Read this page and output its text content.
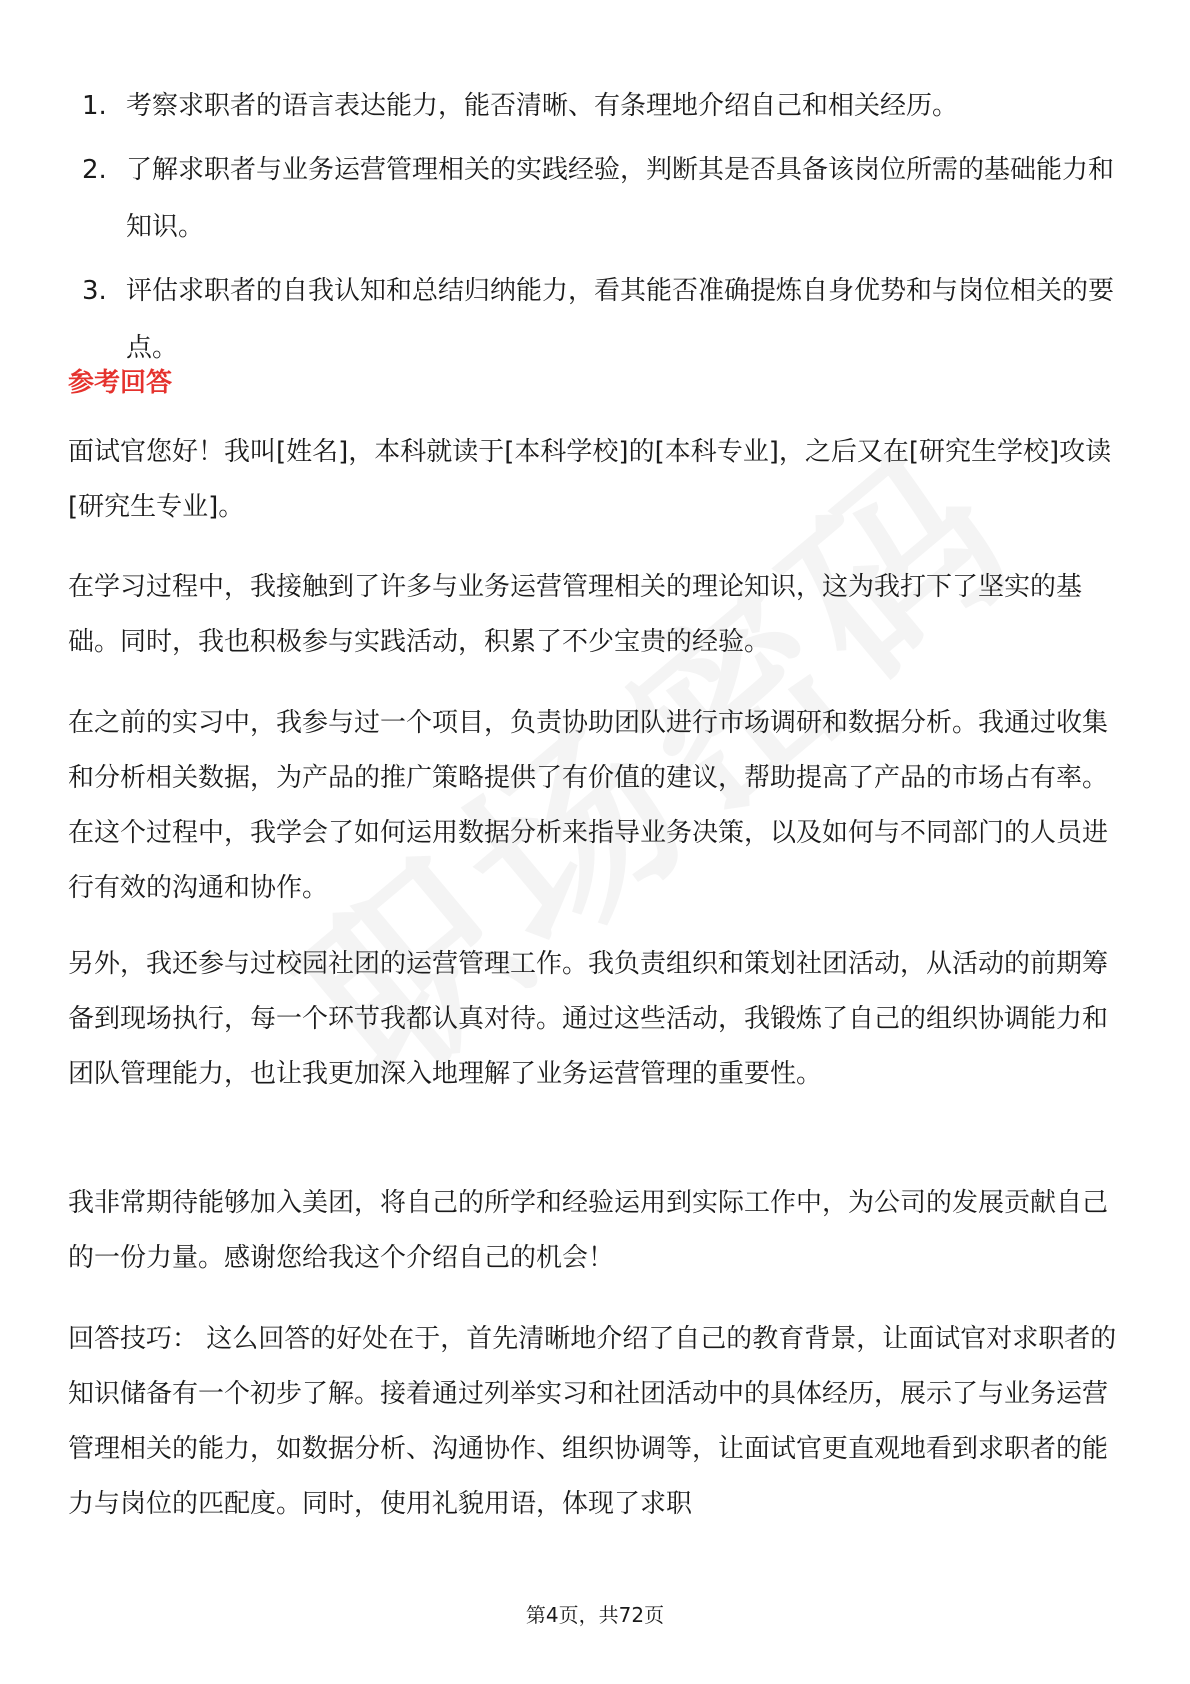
1. 考察求职者的语言表达能力，能否清晰、有条理地介绍自己和相关经历。
2. 了解求职者与业务运营管理相关的实践经验，判断其是否具备该岗位所需的基础能力和知识。
3. 评估求职者的自我认知和总结归纳能力，看其能否准确提炼自身优势和与岗位相关的要点。
参考回答

面试官您好！我叫[姓名]，本科就读于[本科学校]的[本科专业]，之后又在[研究生学校]攻读[研究生专业]。

在学习过程中，我接触到了许多与业务运营管理相关的理论知识，这为我打下了坚实的基础。同时，我也积极参与实践活动，积累了不少宝贵的经验。

在之前的实习中，我参与过一个项目，负责协助团队进行市场调研和数据分析。我通过收集和分析相关数据，为产品的推广策略提供了有价值的建议，帮助提高了产品的市场占有率。在这个过程中，我学会了如何运用数据分析来指导业务决策，以及如何与不同部门的人员进行有效的沟通和协作。

另外，我还参与过校园社团的运营管理工作。我负责组织和策划社团活动，从活动的前期筹备到现场执行，每一个环节我都认真对待。通过这些活动，我锻炼了自己的组织协调能力和团队管理能力，也让我更加深入地理解了业务运营管理的重要性。

我非常期待能够加入美团，将自己的所学和经验运用到实际工作中，为公司的发展贡献自己的一份力量。感谢您给我这个介绍自己的机会！

回答技巧： 这么回答的好处在于，首先清晰地介绍了自己的教育背景，让面试官对求职者的知识储备有一个初步了解。接着通过列举实习和社团活动中的具体经历，展示了与业务运营管理相关的能力，如数据分析、沟通协作、组织协调等，让面试官更直观地看到求职者的能力与岗位的匹配度。同时，使用礼貌用语，体现了求职

第4页，共72页
